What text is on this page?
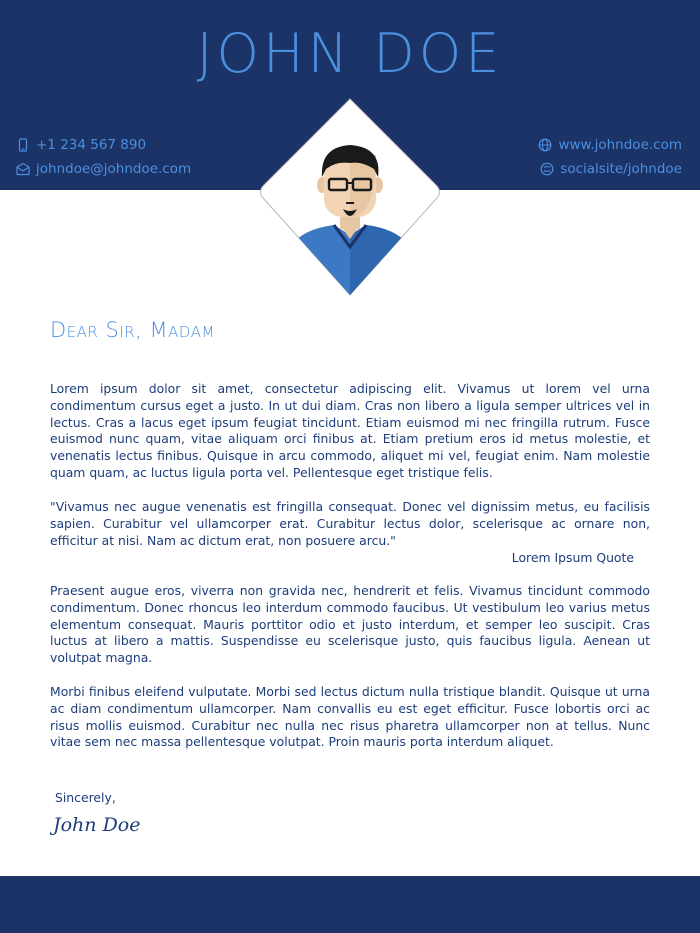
JOHN DOE
+1 234 567 890
johndoe@johndoe.com
www.johndoe.com
socialsite/johndoe
Dear Sir, Madam

Lorem ipsum dolor sit amet, consectetur adipiscing elit. Vivamus ut lorem vel urna condimentum cursus eget a justo. In ut dui diam. Cras non libero a ligula semper ultrices vel in lectus. Cras a lacus eget ipsum feugiat tincidunt. Etiam euismod mi nec fringilla rutrum. Fusce euismod nunc quam, vitae aliquam orci finibus at. Etiam pretium eros id metus molestie, et venenatis lectus finibus. Quisque in arcu commodo, aliquet mi vel, feugiat enim. Nam molestie quam quam, ac luctus ligula porta vel. Pellentesque eget tristique felis.

"Vivamus nec augue venenatis est fringilla consequat. Donec vel dignissim metus, eu facilisis sapien. Curabitur vel ullamcorper erat. Curabitur lectus dolor, scelerisque ac ornare non, efficitur at nisi. Nam ac dictum erat, non posuere arcu."

Lorem Ipsum Quote

Praesent augue eros, viverra non gravida nec, hendrerit et felis. Vivamus tincidunt commodo condimentum. Donec rhoncus leo interdum commodo faucibus. Ut vestibulum leo varius metus elementum consequat. Mauris porttitor odio et justo interdum, et semper leo suscipit. Cras luctus at libero a mattis. Suspendisse eu scelerisque justo, quis faucibus ligula. Aenean ut volutpat magna.

Morbi finibus eleifend vulputate. Morbi sed lectus dictum nulla tristique blandit. Quisque ut urna ac diam condimentum ullamcorper. Nam convallis eu est eget efficitur. Fusce lobortis orci ac risus mollis euismod. Curabitur nec nulla nec risus pharetra ullamcorper non at tellus. Nunc vitae sem nec massa pellentesque volutpat. Proin mauris porta interdum aliquet.

Sincerely,
John Doe
